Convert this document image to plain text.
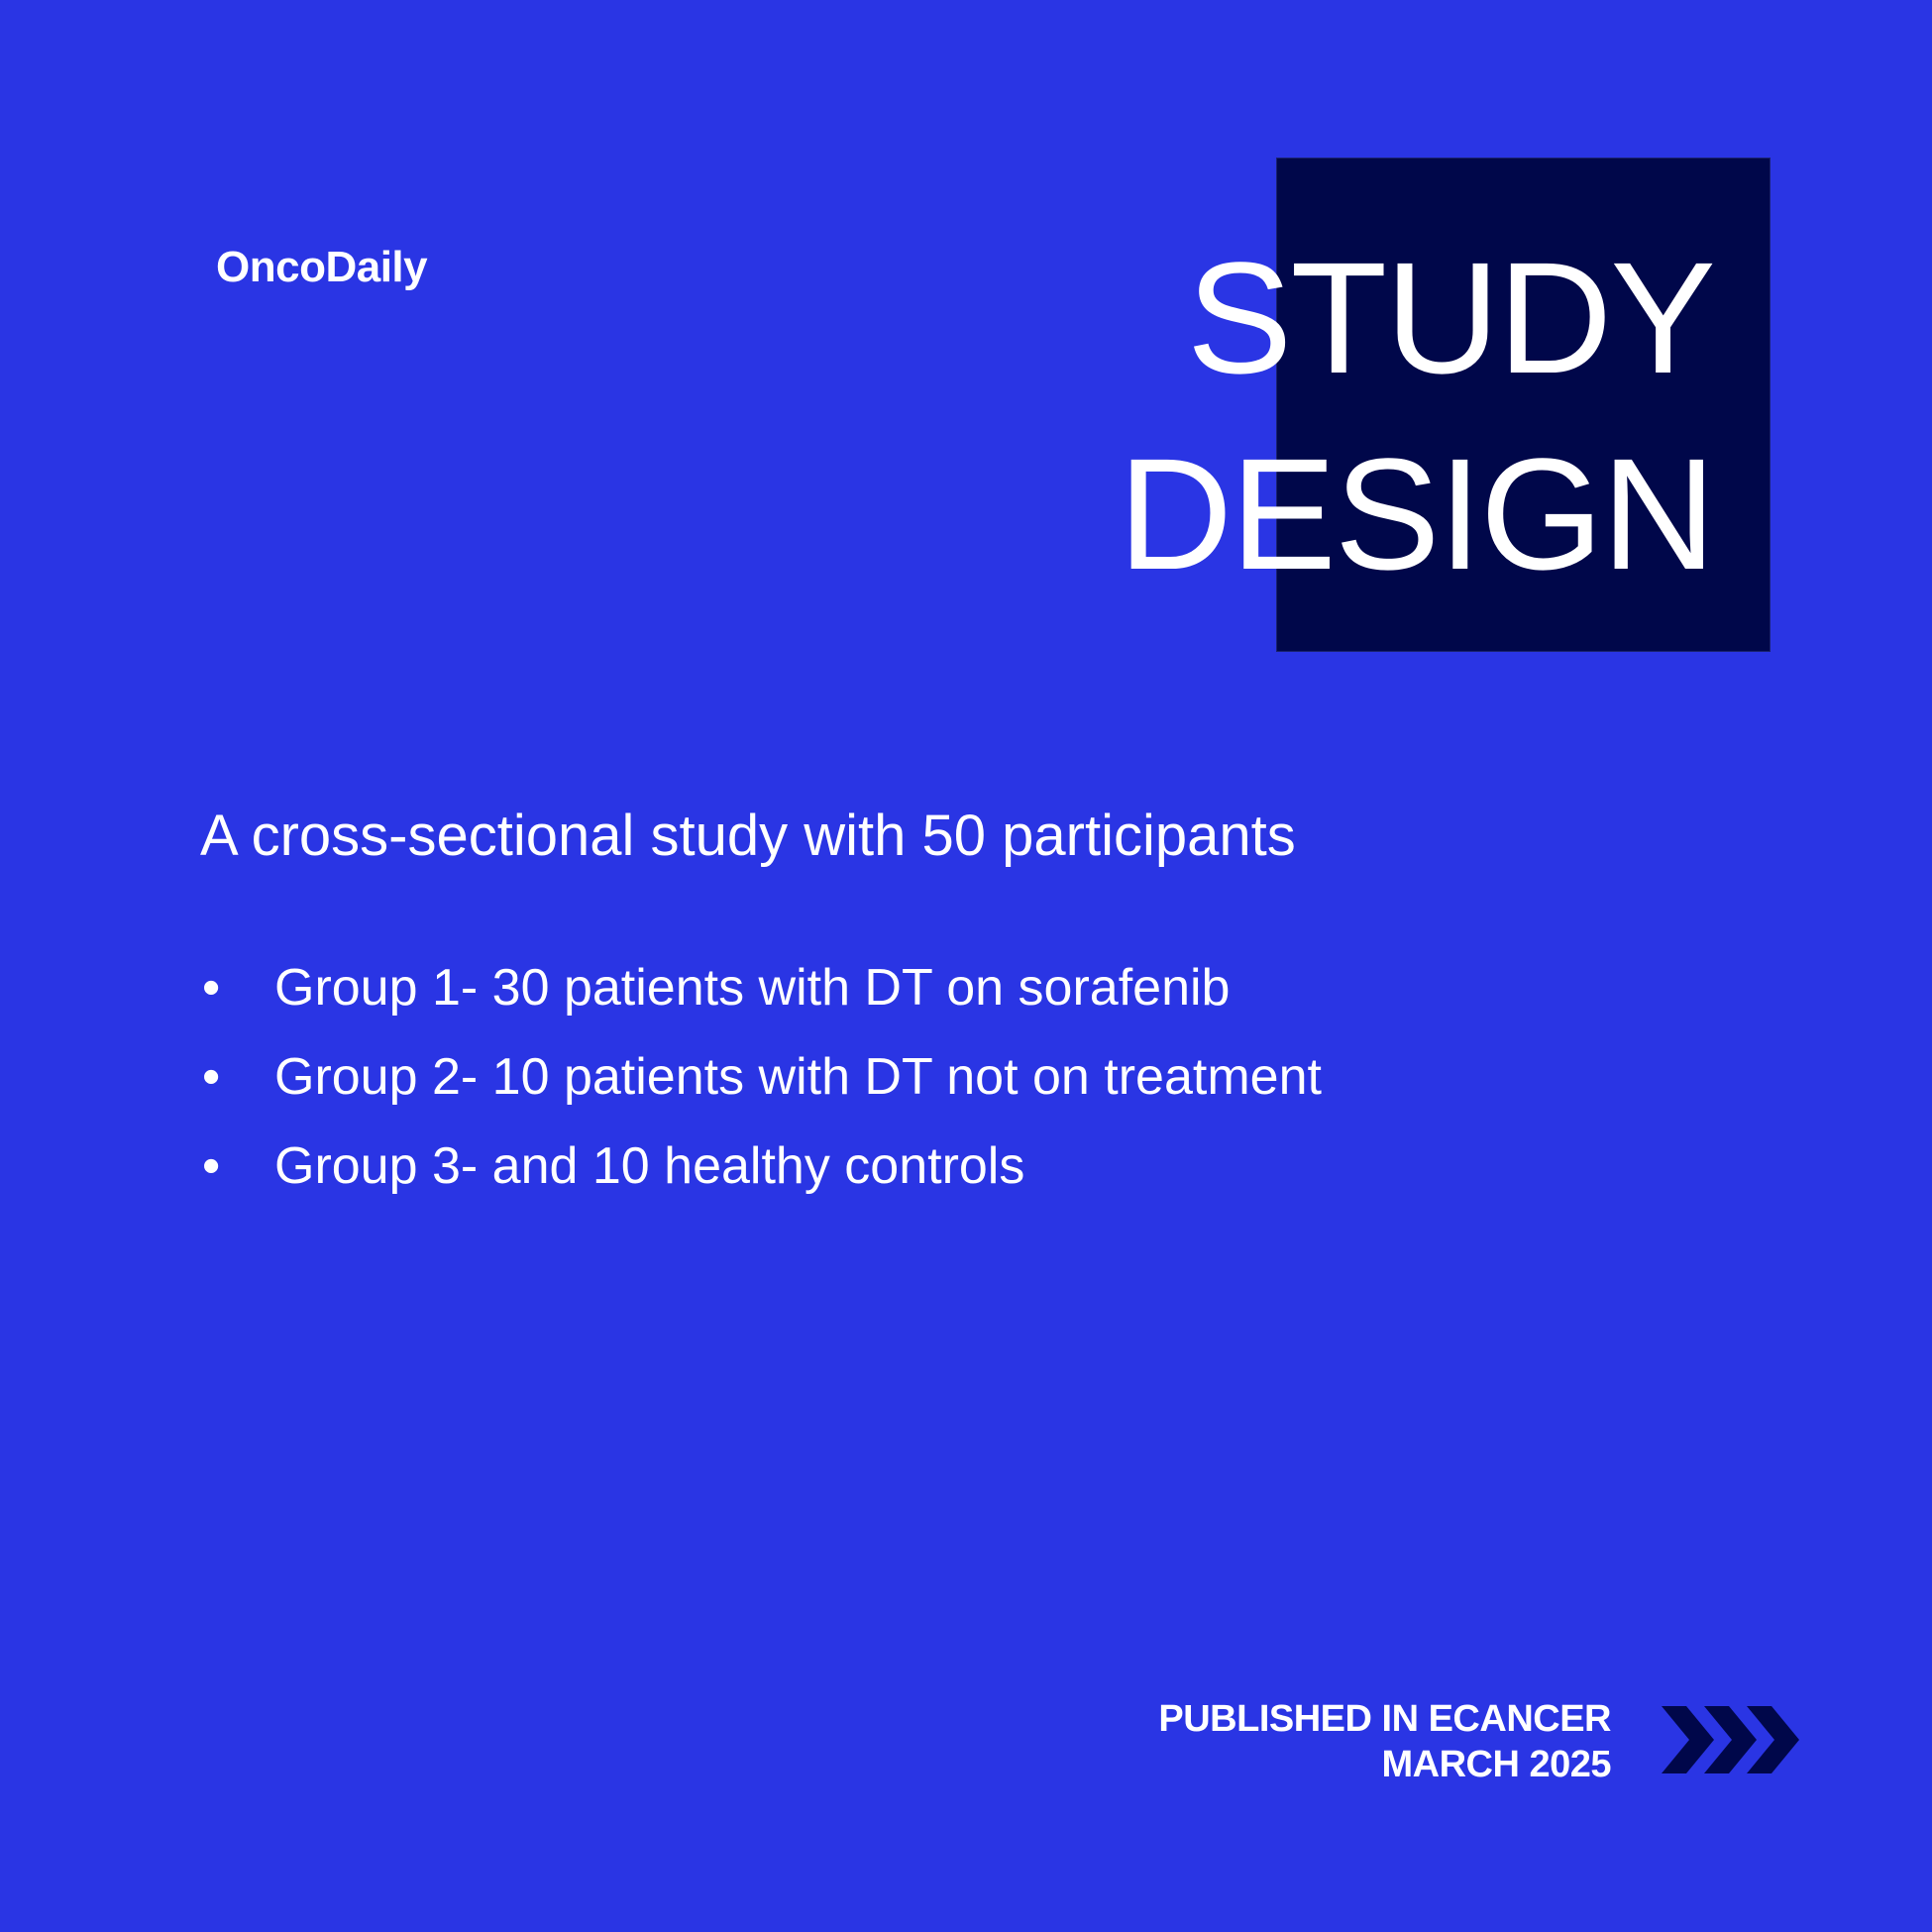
OncoDaily	STUDY
DESIGN
A cross-sectional study with 50 participants
• Group 1- 30 patients with DT on sorafenib
• Group 2- 10 patients with DT not on treatment
• Group 3- and 10 healthy controls
PUBLISHED IN ECANCER
MARCH 2025
